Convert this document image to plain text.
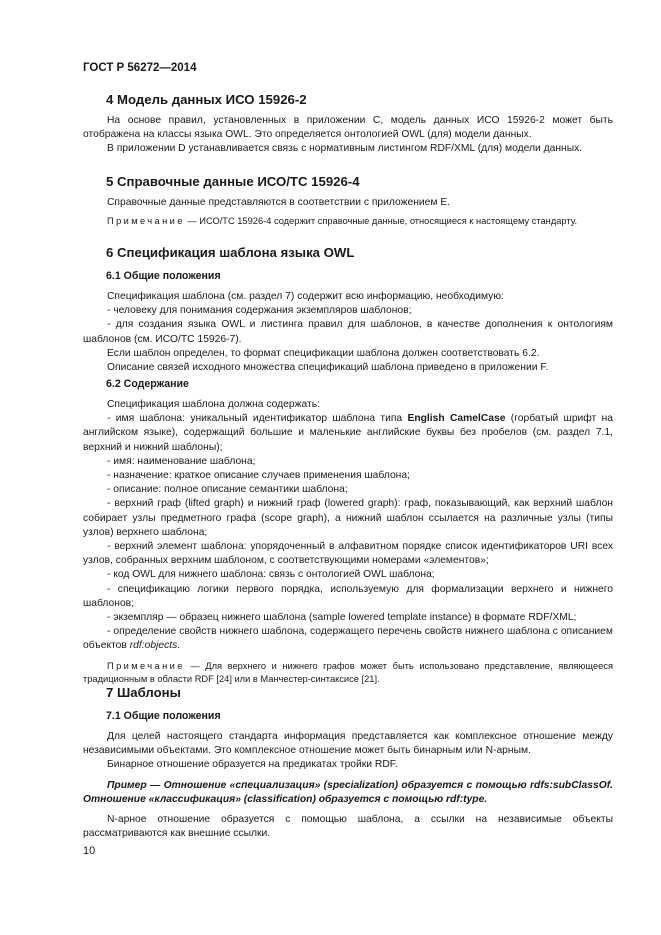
ГОСТ Р 56272—2014
4 Модель данных ИСО 15926-2

На основе правил, установленных в приложении С, модель данных ИСО 15926-2 может быть отображена на классы языка OWL. Это определяется онтологией OWL (для) модели данных.

В приложении D устанавливается связь с нормативным листингом RDF/XML (для) модели данных.

5 Справочные данные ИСО/ТС 15926-4

Справочные данные представляются в соответствии с приложением Е.

Примечание — ИСО/ТС 15926-4 содержит справочные данные, относящиеся к настоящему стандарту.

6 Спецификация шаблона языка OWL
6.1 Общие положения

Спецификация шаблона (см. раздел 7) содержит всю информацию, необходимую:

- человеку для понимания содержания экземпляров шаблонов;

- для создания языка OWL и листинга правил для шаблонов, в качестве дополнения к онтологиям шаблонов (см. ИСО/ТС 15926-7).

Если шаблон определен, то формат спецификации шаблона должен соответствовать 6.2.

Описание связей исходного множества спецификаций шаблона приведено в приложении F.

6.2 Содержание

Спецификация шаблона должна содержать:

- имя шаблона: уникальный идентификатор шаблона типа English CamelCase (горбатый шрифт на английском языке), содержащий большие и маленькие английские буквы без пробелов (см. раздел 7.1, верхний и нижний шаблоны);

- имя: наименование шаблона;

- назначение: краткое описание случаев применения шаблона;

- описание: полное описание семантики шаблона;

- верхний граф (lifted graph) и нижний граф (lowered graph): граф, показывающий, как верхний шаблон собирает узлы предметного графа (scope graph), а нижний шаблон ссылается на различные узлы (типы узлов) верхнего шаблона;

- верхний элемент шаблона: упорядоченный в алфавитном порядке список идентификаторов URI всех узлов, собранных верхним шаблоном, с соответствующими номерами «элементов»;

- код OWL для нижнего шаблона: связь с онтологией OWL шаблона;

- спецификацию логики первого порядка, используемую для формализации верхнего и нижнего шаблонов;

- экземпляр — образец нижнего шаблона (sample lowered template instance) в формате RDF/XML;

- определение свойств нижнего шаблона, содержащего перечень свойств нижнего шаблона с описанием объектов rdf:objects.

Примечание — Для верхнего и нижнего графов может быть использовано представление, являющееся традиционным в области RDF [24] или в Манчестер-синтаксисе [21].

7 Шаблоны
7.1 Общие положения

Для целей настоящего стандарта информация представляется как комплексное отношение между независимыми объектами. Это комплексное отношение может быть бинарным или N-арным.

Бинарное отношение образуется на предикатах тройки RDF.

Пример — Отношение «специализация» (specialization) образуется с помощью rdfs:subClassOf. Отношение «классификация» (classification) образуется с помощью rdf:type.

N-арное отношение образуется с помощью шаблона, а ссылки на независимые объекты рассматриваются как внешние ссылки.

10
